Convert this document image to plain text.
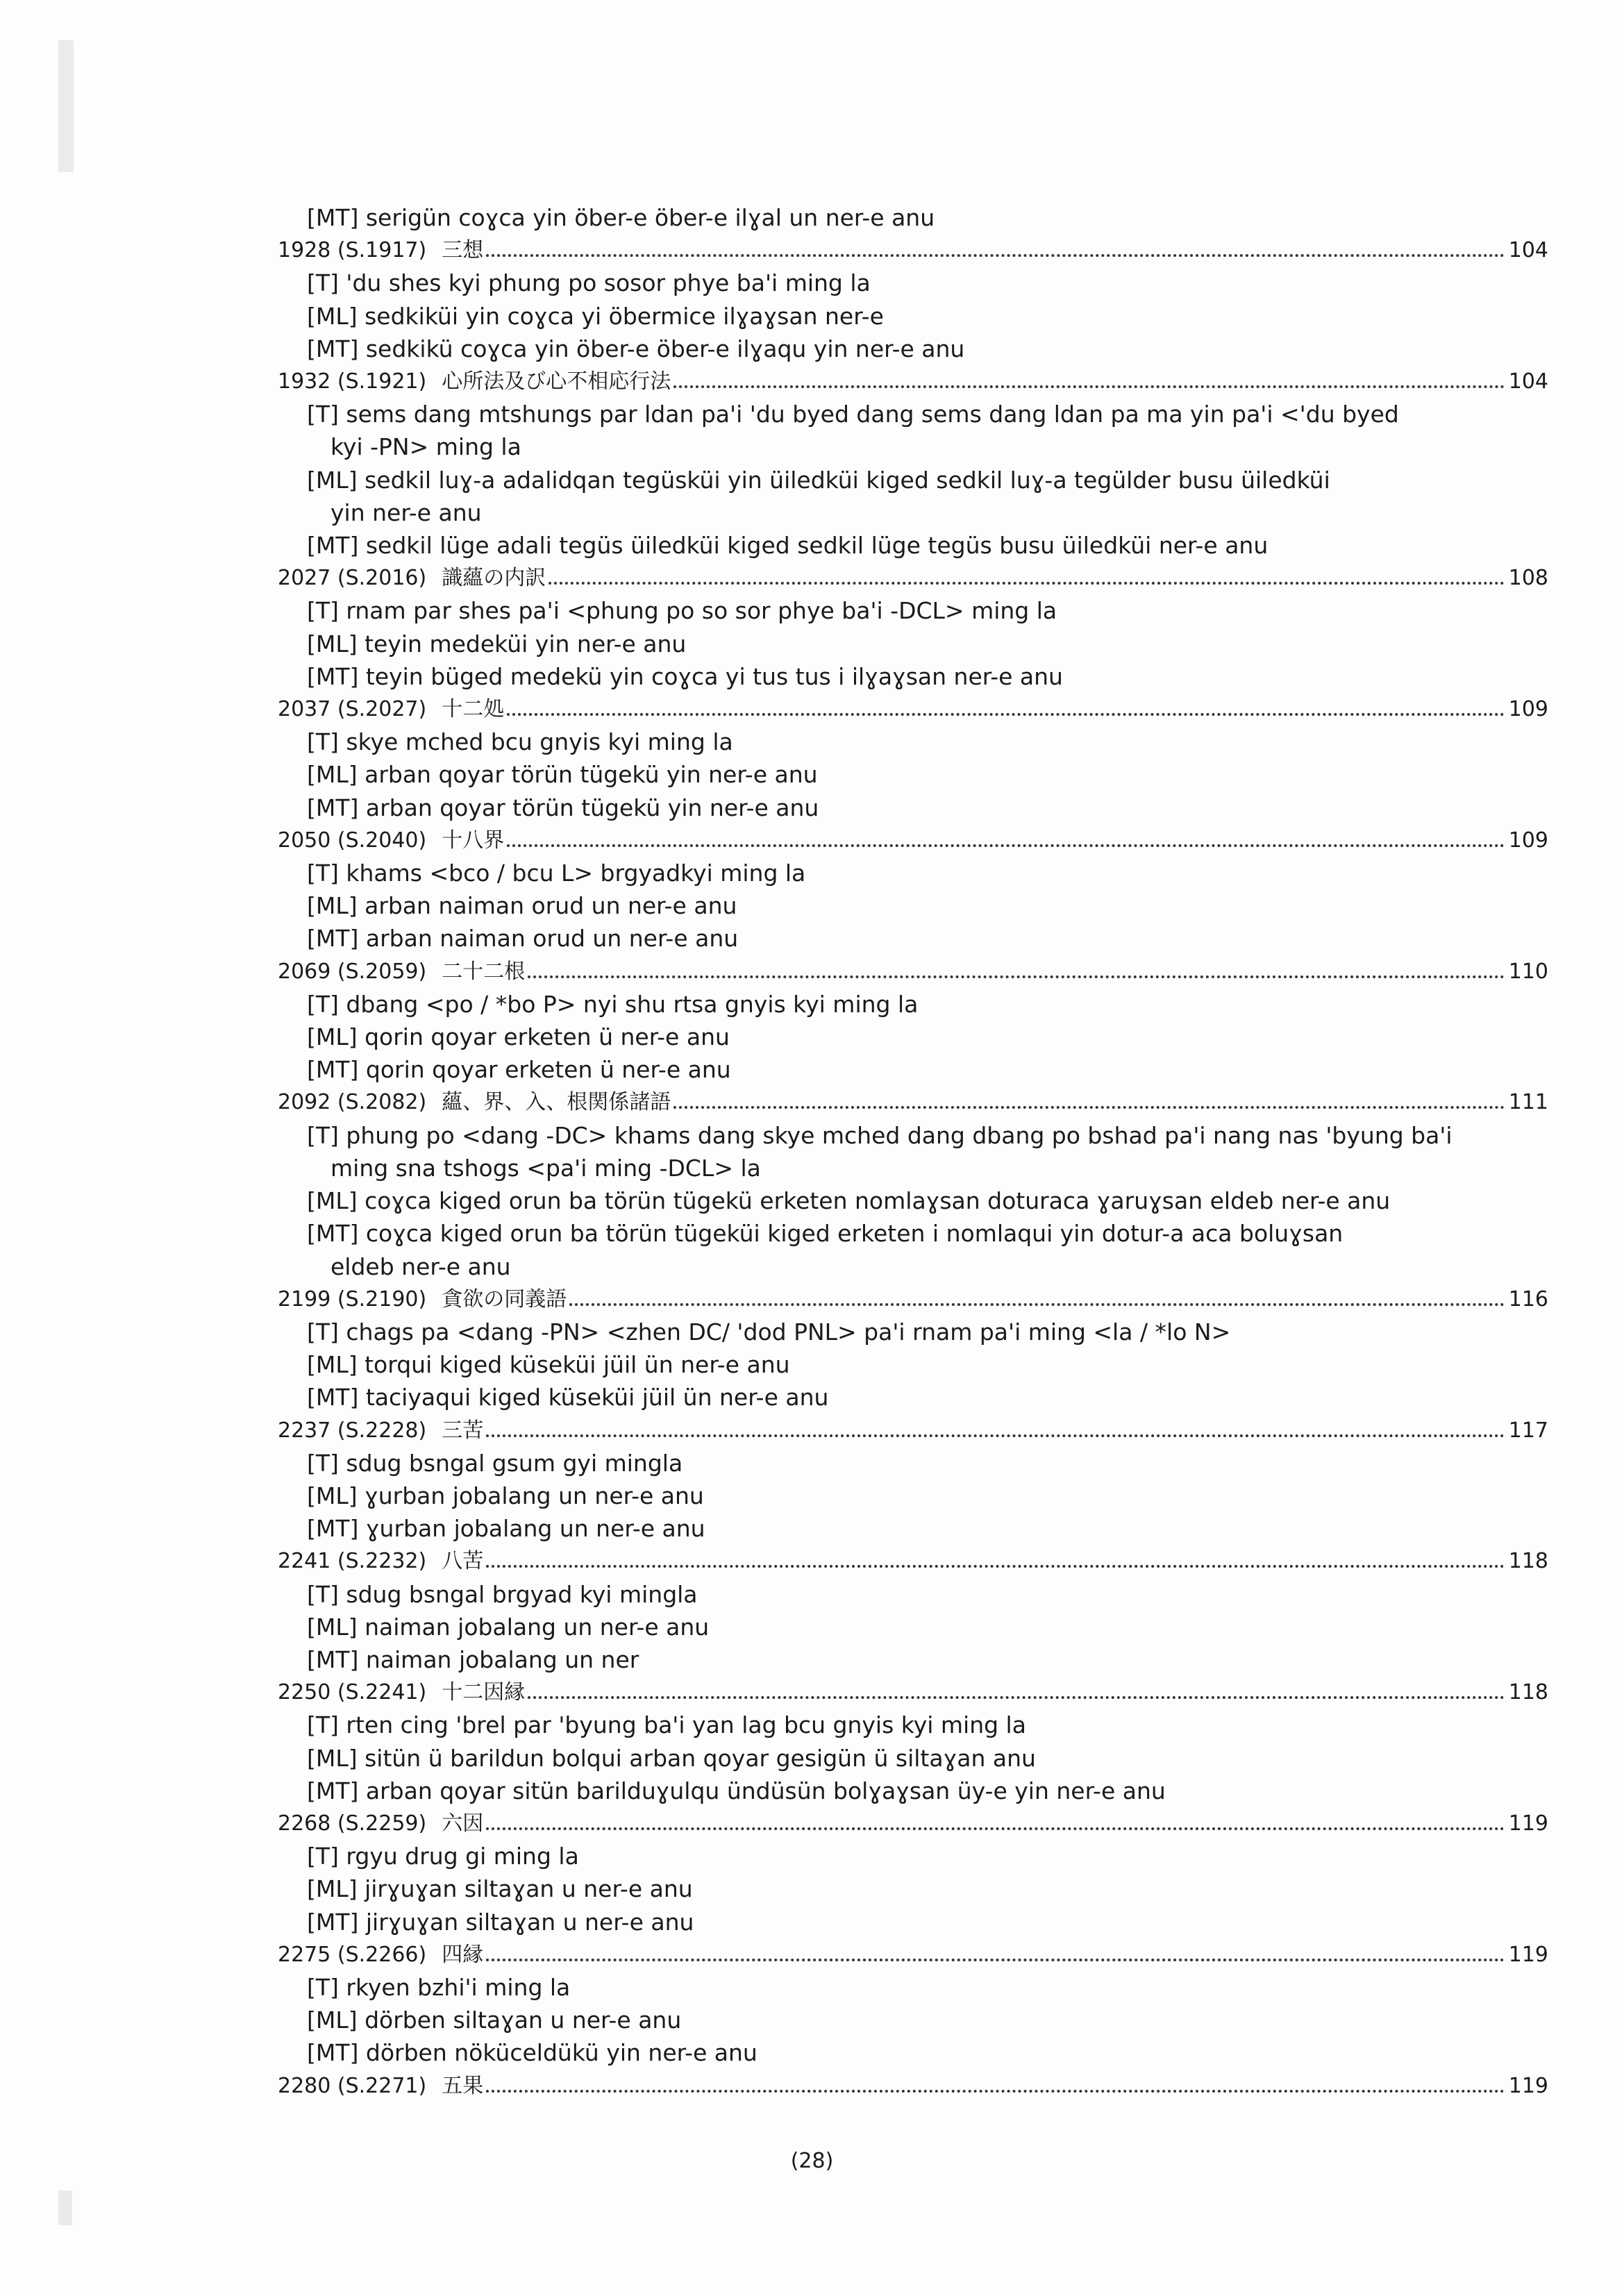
[MT] serigün coɣca yin öber-e öber-e ilɣal un ner-e anu
1928 (S.1917) 三想	104
[T] 'du shes kyi phung po sosor phye ba'i ming la
[ML] sedkiküi yin coɣca yi öbermice ilɣaɣsan ner-e
[MT] sedkikü coɣca yin öber-e öber-e ilɣaqu yin ner-e anu
1932 (S.1921) 心所法及び心不相応行法	104
[T] sems dang mtshungs par ldan pa'i 'du byed dang sems dang ldan pa ma yin pa'i <'du byed
kyi -PN> ming la
[ML] sedkil luɣ-a adalidqan tegüsküi yin üiledküi kiged sedkil luɣ-a tegülder busu üiledküi
yin ner-e anu
[MT] sedkil lüge adali tegüs üiledküi kiged sedkil lüge tegüs busu üiledküi ner-e anu
2027 (S.2016) 識蘊の内訳	108
[T] rnam par shes pa'i <phung po so sor phye ba'i -DCL> ming la
[ML] teyin medeküi yin ner-e anu
[MT] teyin büged medekü yin coɣca yi tus tus i ilɣaɣsan ner-e anu
2037 (S.2027) 十二処	109
[T] skye mched bcu gnyis kyi ming la
[ML] arban qoyar törün tügekü yin ner-e anu
[MT] arban qoyar törün tügekü yin ner-e anu
2050 (S.2040) 十八界	109
[T] khams <bco / bcu L> brgyadkyi ming la
[ML] arban naiman orud un ner-e anu
[MT] arban naiman orud un ner-e anu
2069 (S.2059) 二十二根	110
[T] dbang <po / *bo P> nyi shu rtsa gnyis kyi ming la
[ML] qorin qoyar erketen ü ner-e anu
[MT] qorin qoyar erketen ü ner-e anu
2092 (S.2082) 蘊、界、入、根関係諸語	111
[T] phung po <dang -DC> khams dang skye mched dang dbang po bshad pa'i nang nas 'byung ba'i
ming sna tshogs <pa'i ming -DCL> la
[ML] coɣca kiged orun ba törün tügekü erketen nomlaɣsan doturaca ɣaruɣsan eldeb ner-e anu
[MT] coɣca kiged orun ba törün tügeküi kiged erketen i nomlaqui yin dotur-a aca boluɣsan
eldeb ner-e anu
2199 (S.2190) 貪欲の同義語	116
[T] chags pa <dang -PN> <zhen DC/ 'dod PNL> pa'i rnam pa'i ming <la / *lo N>
[ML] torqui kiged küseküi jüil ün ner-e anu
[MT] taciyaqui kiged küseküi jüil ün ner-e anu
2237 (S.2228) 三苦	117
[T] sdug bsngal gsum gyi mingla
[ML] ɣurban jobalang un ner-e anu
[MT] ɣurban jobalang un ner-e anu
2241 (S.2232) 八苦	118
[T] sdug bsngal brgyad kyi mingla
[ML] naiman jobalang un ner-e anu
[MT] naiman jobalang un ner
2250 (S.2241) 十二因縁	118
[T] rten cing 'brel par 'byung ba'i yan lag bcu gnyis kyi ming la
[ML] sitün ü barildun bolqui arban qoyar gesigün ü siltaɣan anu
[MT] arban qoyar sitün barilduɣulqu ündüsün bolɣaɣsan üy-e yin ner-e anu
2268 (S.2259) 六因	119
[T] rgyu drug gi ming la
[ML] jirɣuɣan siltaɣan u ner-e anu
[MT] jirɣuɣan siltaɣan u ner-e anu
2275 (S.2266) 四縁	119
[T] rkyen bzhi'i ming la
[ML] dörben siltaɣan u ner-e anu
[MT] dörben nöküceldükü yin ner-e anu
2280 (S.2271) 五果	119
(28)
